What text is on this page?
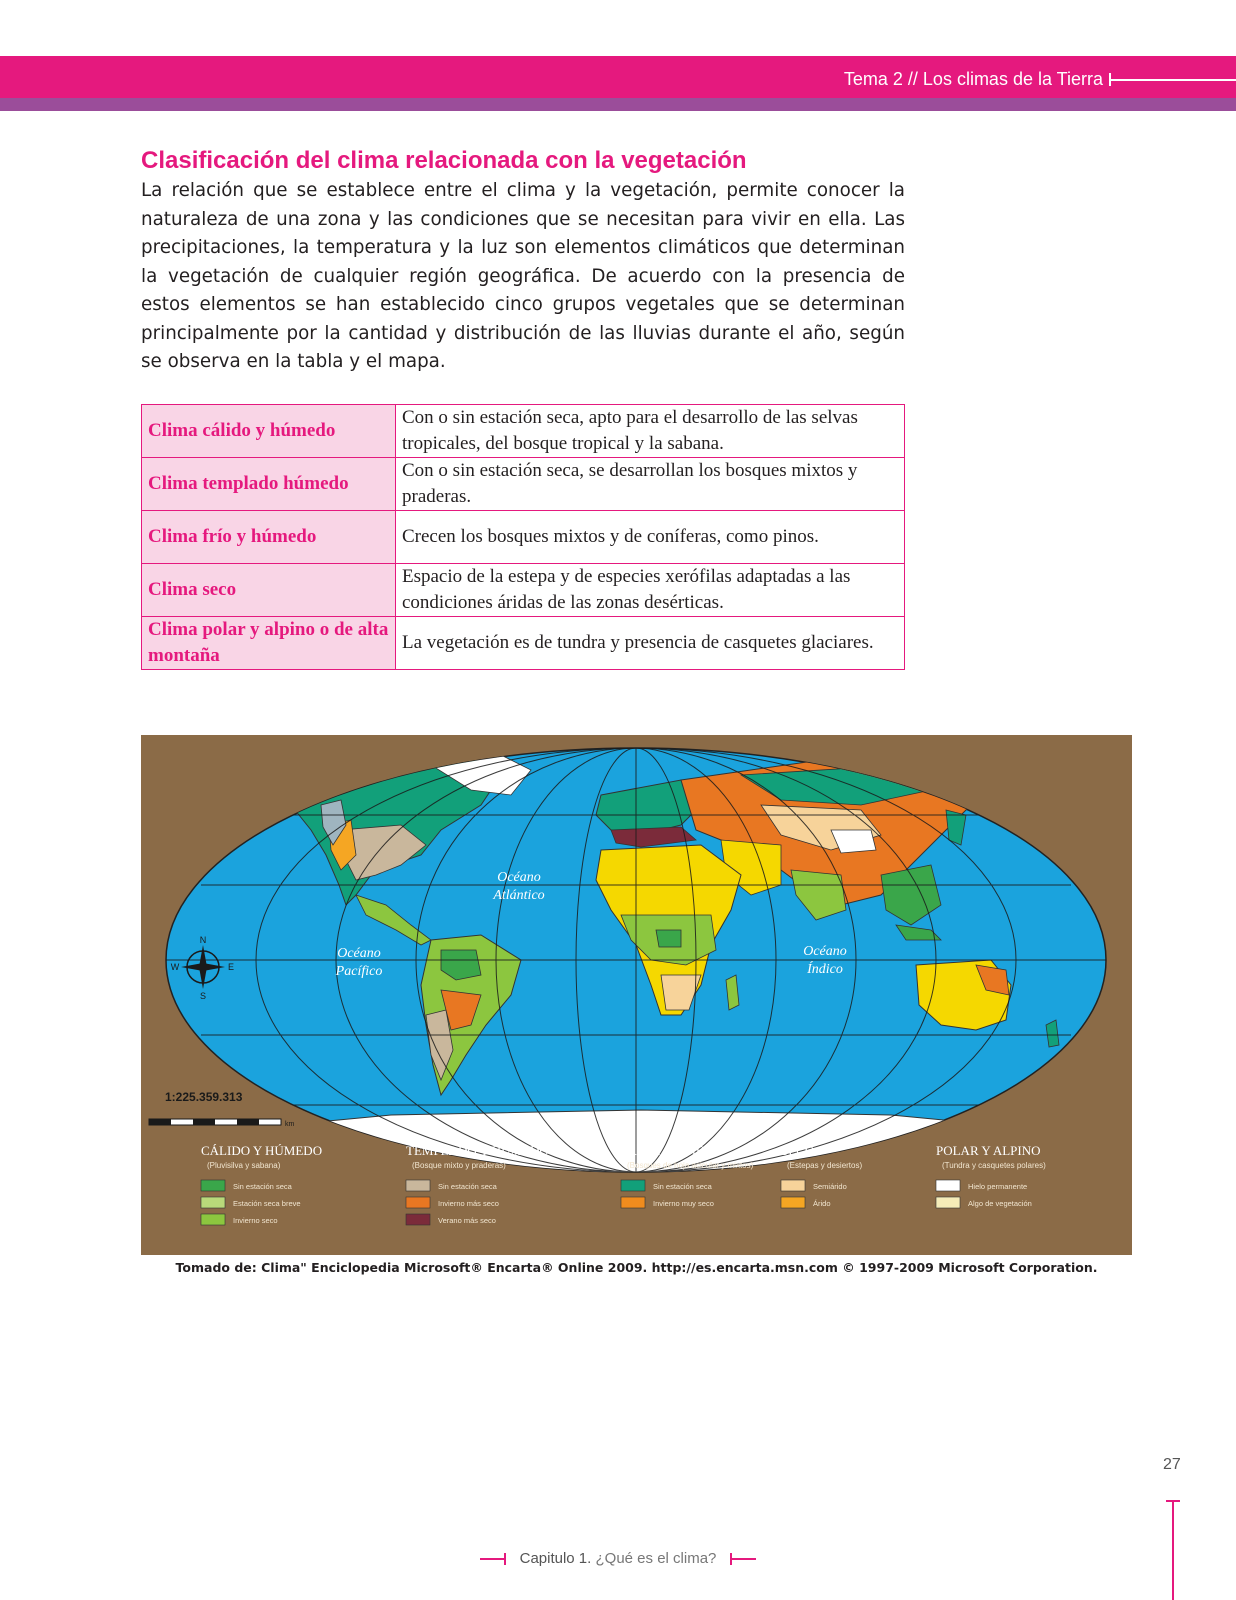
Tema 2 // Los climas de la Tierra
Clasificación del clima relacionada con la vegetación

La relación que se establece entre el clima y la vegetación, permite conocer la naturaleza de una zona y las condiciones que se necesitan para vivir en ella. Las precipitaciones, la temperatura y la luz son elementos climáticos que determinan la vegetación de cualquier región geográfica. De acuerdo con la presencia de estos elementos se han establecido cinco grupos vegetales que se determinan principalmente por la cantidad y distribución de las lluvias durante el año, según se observa en la tabla y el mapa.

Clima cálido y húmedo	Con o sin estación seca, apto para el desarrollo de las selvas tropicales, del bosque tropical y la sabana.
Clima templado húmedo	Con o sin estación seca, se desarrollan los bosques mixtos y praderas.
Clima frío y húmedo	Crecen los bosques mixtos y de coníferas, como pinos.
Clima seco	Espacio de la estepa y de especies xerófilas adaptadas a las condiciones áridas de las zonas desérticas.
Clima polar y alpino o de alta montaña	La vegetación es de tundra y presencia de casquetes glaciares.
Océano
Atlántico
Océano
Pacífico
Océano
Índico
N
S
E
W
1:225.359.313
km
CÁLIDO Y HÚMEDO
(Pluvisilva y sabana)
Sin estación seca
Estación seca breve
Invierno seco
TEMPLADO Y HÚMEDO
(Bosque mixto y praderas)
Sin estación seca
Invierno más seco
Verano más seco
FRÍO Y HÚMEDO
(Bosques de hoja acicular y mixtos)
Sin estación seca
Invierno muy seco
SECO
(Estepas y desiertos)
Semiárido
Árido
POLAR Y ALPINO
(Tundra y casquetes polares)
Hielo permanente
Algo de vegetación
Tomado de: Clima" Enciclopedia Microsoft® Encarta® Online 2009. http://es.encarta.msn.com © 1997-2009 Microsoft Corporation.
27
Capitulo 1. ¿Qué es el clima?
